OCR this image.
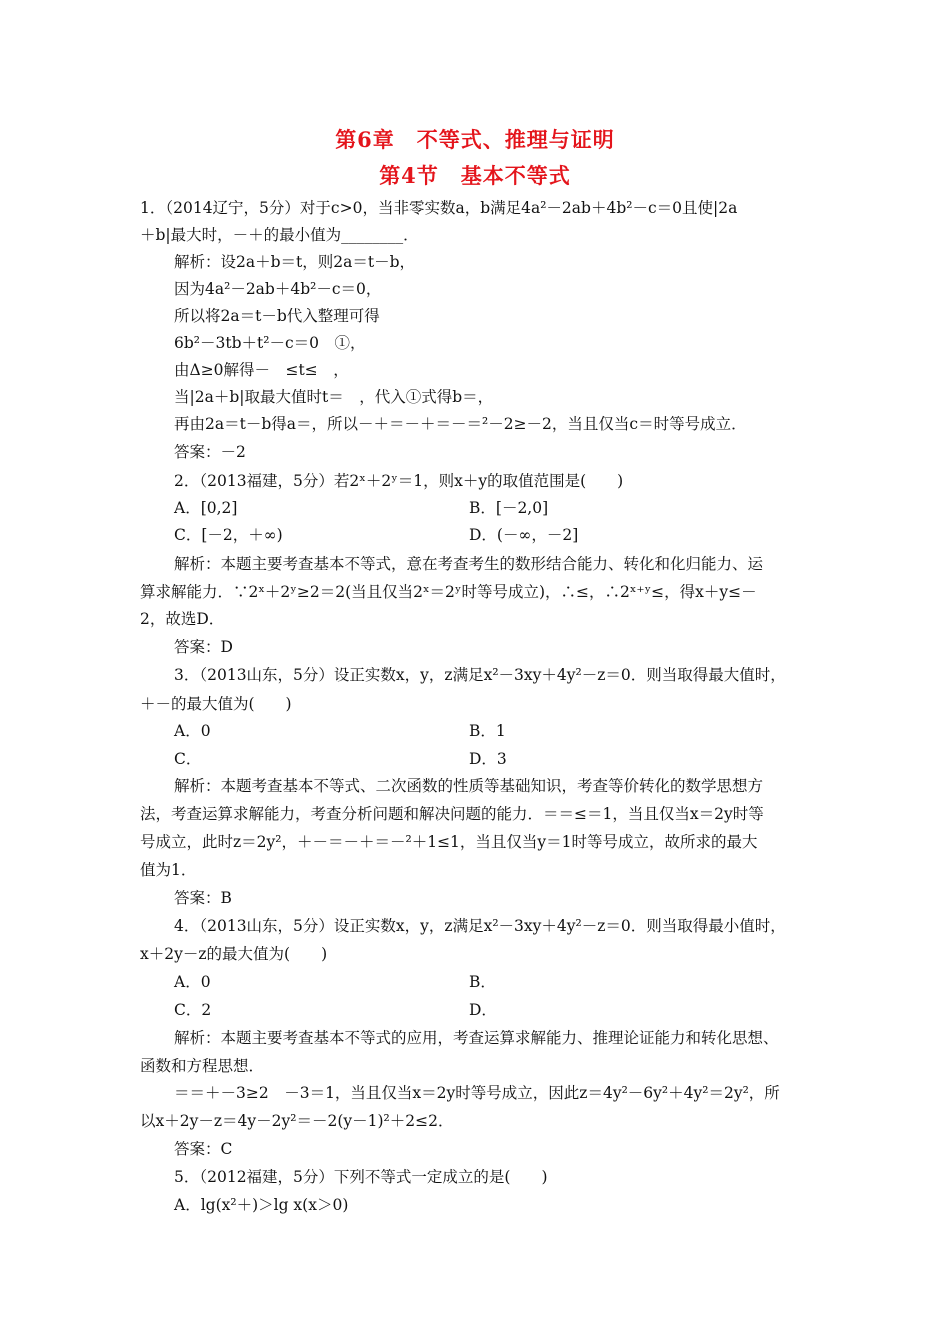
第6章　不等式、推理与证明
第4节　基本不等式
1．（2014辽宁，5分）对于c>0，当非零实数a，b满足4a²－2ab＋4b²－c＝0且使|2a
＋b|最大时，－＋的最小值为________．
解析：设2a＋b＝t，则2a＝t－b，
因为4a²－2ab＋4b²－c＝0，
所以将2a＝t－b代入整理可得
6b²－3tb＋t²－c＝0　①，
由Δ≥0解得－　≤t≤　，
当|2a＋b|取最大值时t＝　，代入①式得b＝，
再由2a＝t－b得a＝，所以－＋＝－＋＝－＝²－2≥－2，当且仅当c＝时等号成立．
答案：－2
2．（2013福建，5分）若2ˣ＋2ʸ＝1，则x＋y的取值范围是(　　)
A．[0,2]	B．[－2,0]
C．[－2，＋∞)	D．(－∞，－2]
解析：本题主要考查基本不等式，意在考查考生的数形结合能力、转化和化归能力、运
算求解能力．∵2ˣ＋2ʸ≥2＝2(当且仅当2ˣ＝2ʸ时等号成立)，∴≤，∴2ˣ⁺ʸ≤，得x＋y≤－
2，故选D．
答案：D
3．（2013山东，5分）设正实数x，y，z满足x²－3xy＋4y²－z＝0．则当取得最大值时，
＋－的最大值为(　　)
A．0	B．1
C．	D．3
解析：本题考查基本不等式、二次函数的性质等基础知识，考查等价转化的数学思想方
法，考查运算求解能力，考查分析问题和解决问题的能力．＝＝≤＝1，当且仅当x＝2y时等
号成立，此时z＝2y²，＋－＝－＋＝－²＋1≤1，当且仅当y＝1时等号成立，故所求的最大
值为1．
答案：B
4．（2013山东，5分）设正实数x，y，z满足x²－3xy＋4y²－z＝0．则当取得最小值时，
x＋2y－z的最大值为(　　)
A．0	B．
C．2	D．
解析：本题主要考查基本不等式的应用，考查运算求解能力、推理论证能力和转化思想、
函数和方程思想．
＝＝＋－3≥2　－3＝1，当且仅当x＝2y时等号成立，因此z＝4y²－6y²＋4y²＝2y²，所
以x＋2y－z＝4y－2y²＝－2(y－1)²＋2≤2．
答案：C
5．（2012福建，5分）下列不等式一定成立的是(　　)
A．lg(x²＋)＞lg x(x＞0)
